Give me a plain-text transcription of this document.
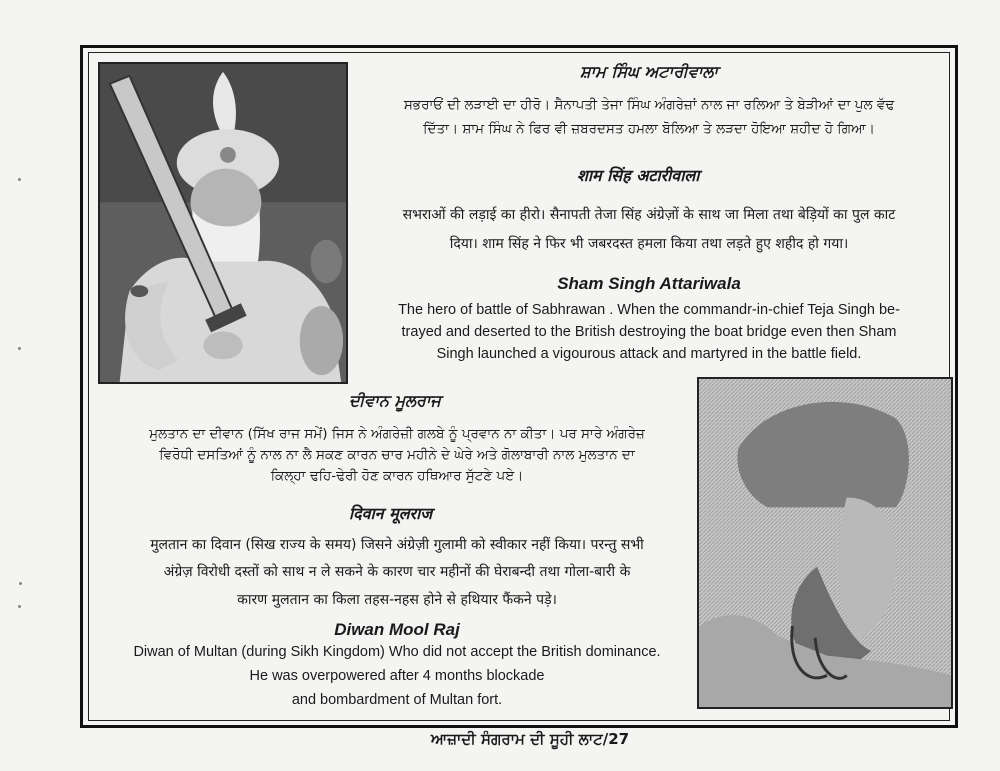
ਸ਼ਾਮ ਸਿੰਘ ਅਟਾਰੀਵਾਲਾ

ਸਭਰਾਓਂ ਦੀ ਲੜਾਈ ਦਾ ਹੀਰੋ। ਸੈਨਾਪਤੀ ਤੇਜਾ ਸਿੰਘ ਅੰਗਰੇਜ਼ਾਂ ਨਾਲ ਜਾ ਰਲਿਆ ਤੇ ਬੇੜੀਆਂ ਦਾ ਪੁਲ ਵੱਢ

ਦਿੱਤਾ। ਸ਼ਾਮ ਸਿੰਘ ਨੇ ਫਿਰ ਵੀ ਜ਼ਬਰਦਸਤ ਹਮਲਾ ਬੋਲਿਆ ਤੇ ਲੜਦਾ ਹੋਇਆ ਸ਼ਹੀਦ ਹੋ ਗਿਆ।

शाम सिंह अटारीवाला

सभराओं की लड़ाई का हीरो। सैनापती तेजा सिंह अंग्रेज़ों के साथ जा मिला तथा बेड़ियों का पुल काट

दिया। शाम सिंह ने फिर भी जबरदस्त हमला किया तथा लड़ते हुए शहीद हो गया।

Sham Singh Attariwala

The hero of battle of Sabhrawan . When the commandr-in-chief Teja Singh be-

trayed and deserted to the British destroying the boat bridge even then Sham

Singh launched a vigourous attack and martyred in the battle field.

ਦੀਵਾਨ ਮੂਲਰਾਜ

ਮੁਲਤਾਨ ਦਾ ਦੀਵਾਨ (ਸਿੱਖ ਰਾਜ ਸਮੇਂ) ਜਿਸ ਨੇ ਅੰਗਰੇਜ਼ੀ ਗਲਬੇ ਨੂੰ ਪ੍ਰਵਾਨ ਨਾ ਕੀਤਾ। ਪਰ ਸਾਰੇ ਅੰਗਰੇਜ਼

ਵਿਰੋਧੀ ਦਸਤਿਆਂ ਨੂੰ ਨਾਲ ਨਾ ਲੈ ਸਕਣ ਕਾਰਨ ਚਾਰ ਮਹੀਨੇ ਦੇ ਘੇਰੇ ਅਤੇ ਗੋਲਾਬਾਰੀ ਨਾਲ ਮੁਲਤਾਨ ਦਾ

ਕਿਲ੍ਹਾ ਢਹਿ-ਢੇਰੀ ਹੋਣ ਕਾਰਨ ਹਥਿਆਰ ਸੁੱਟਣੇ ਪਏ।

दिवान मूलराज

मुलतान का दिवान (सिख राज्य के समय) जिसने अंग्रेज़ी गुलामी को स्वीकार नहीं किया। परन्तु सभी

अंग्रेज़ विरोधी दस्तों को साथ न ले सकने के कारण चार महीनों की घेराबन्दी तथा गोला-बारी के

कारण मुलतान का किला तहस-नहस होने से हथियार फैंकने पड़े।

Diwan Mool Raj

Diwan of Multan (during Sikh Kingdom) Who did not accept the British dominance.

He was overpowered after 4 months blockade

and bombardment of Multan fort.

ਆਜ਼ਾਦੀ ਸੰਗਰਾਮ ਦੀ ਸੂਹੀ ਲਾਟ/27
